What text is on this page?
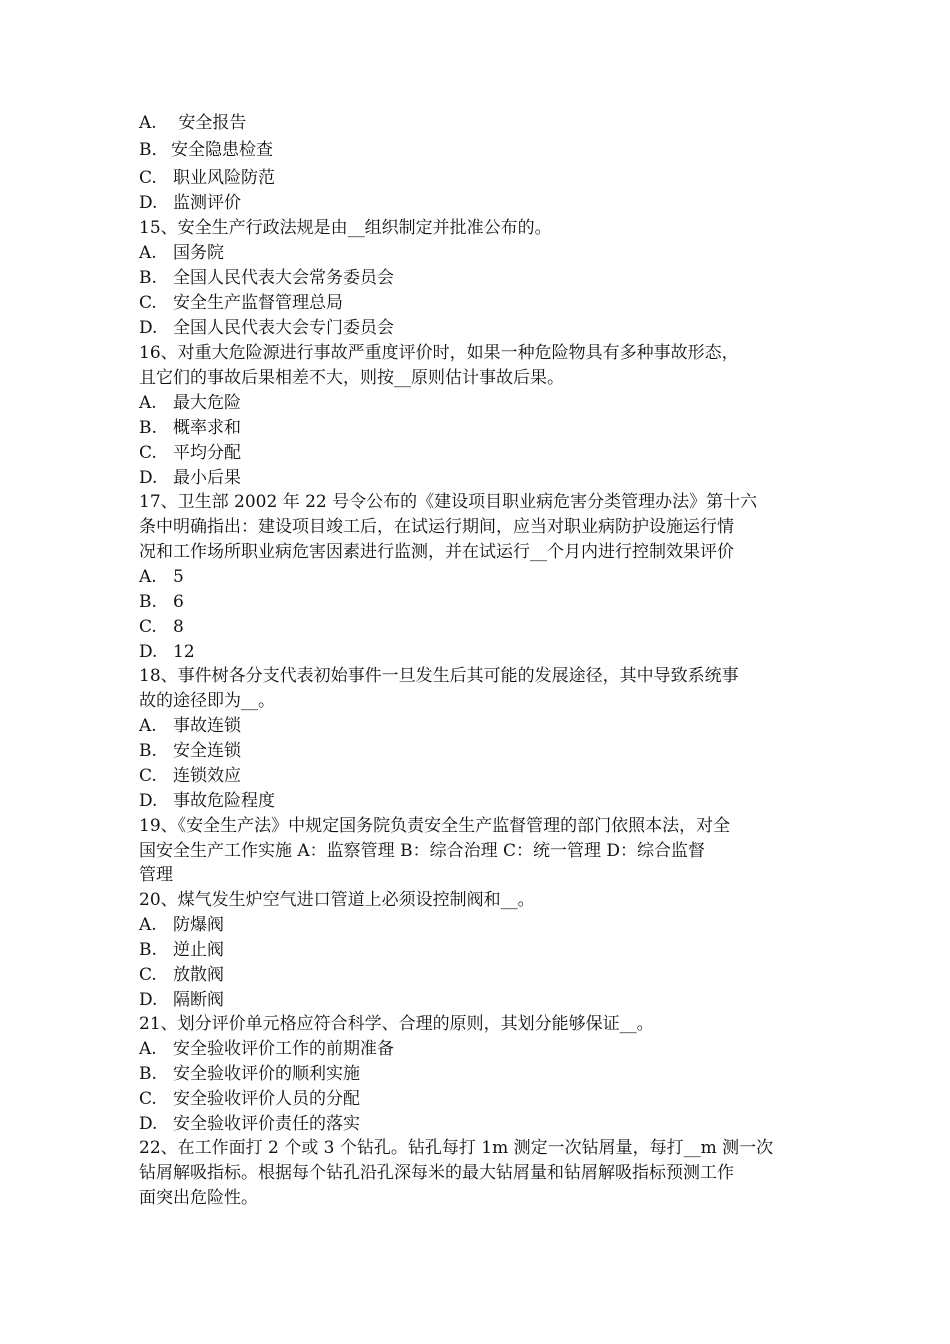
A. 安全报告
B． 安全隐患检查
C. 职业风险防范
D. 监测评价
15、安全生产行政法规是由__组织制定并批准公布的。
A. 国务院
B. 全国人民代表大会常务委员会
C. 安全生产监督管理总局
D. 全国人民代表大会专门委员会
16、对重大危险源进行事故严重度评价时，如果一种危险物具有多种事故形态，
且它们的事故后果相差不大，则按__原则估计事故后果。
A. 最大危险
B. 概率求和
C. 平均分配
D. 最小后果
17、卫生部 2002 年 22 号令公布的《建设项目职业病危害分类管理办法》第十六
条中明确指出：建设项目竣工后，在试运行期间，应当对职业病防护设施运行情
况和工作场所职业病危害因素进行监测，并在试运行__个月内进行控制效果评价
A. 5
B. 6
C. 8
D. 12
18、事件树各分支代表初始事件一旦发生后其可能的发展途径，其中导致系统事
故的途径即为__。
A. 事故连锁
B. 安全连锁
C. 连锁效应
D. 事故危险程度
19、《安全生产法》中规定国务院负责安全生产监督管理的部门依照本法，对全
国安全生产工作实施 A：监察管理 B：综合治理 C：统一管理 D：综合监督
管理
20、煤气发生炉空气进口管道上必须设控制阀和__。
A. 防爆阀
B. 逆止阀
C. 放散阀
D. 隔断阀
21、划分评价单元格应符合科学、合理的原则，其划分能够保证__。
A. 安全验收评价工作的前期准备
B. 安全验收评价的顺利实施
C. 安全验收评价人员的分配
D. 安全验收评价责任的落实
22、在工作面打 2 个或 3 个钻孔。钻孔每打 1m 测定一次钻屑量，每打__m 测一次
钻屑解吸指标。根据每个钻孔沿孔深每米的最大钻屑量和钻屑解吸指标预测工作
面突出危险性。
